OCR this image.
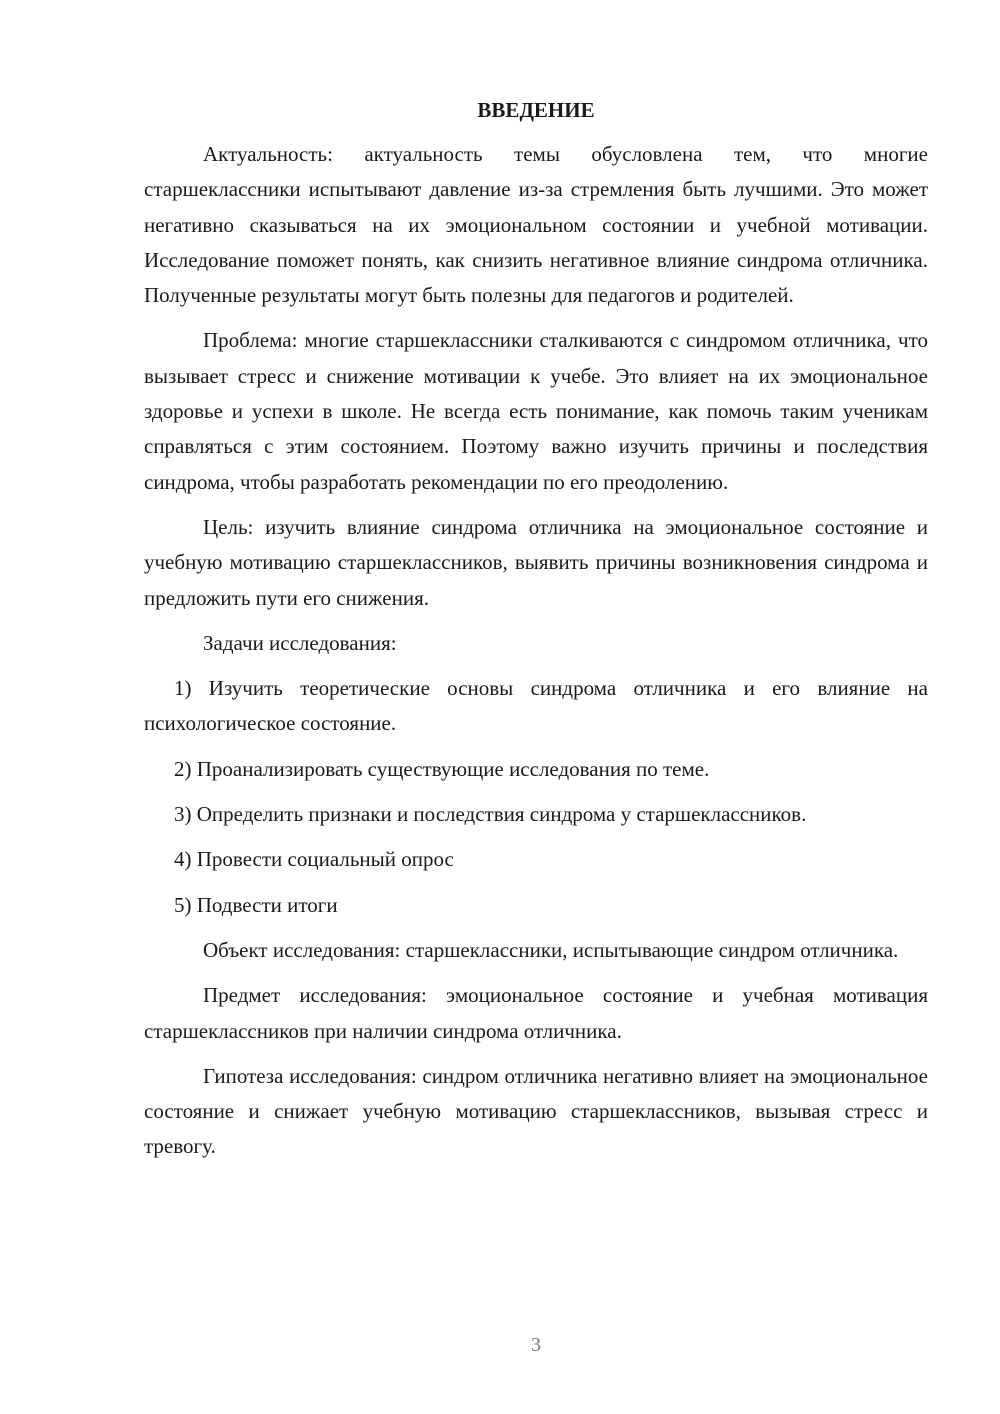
ВВЕДЕНИЕ

Актуальность: актуальность темы обусловлена тем, что многие старшеклассники испытывают давление из-за стремления быть лучшими. Это может негативно сказываться на их эмоциональном состоянии и учебной мотивации. Исследование поможет понять, как снизить негативное влияние синдрома отличника. Полученные результаты могут быть полезны для педагогов и родителей.

Проблема: многие старшеклассники сталкиваются с синдромом отличника, что вызывает стресс и снижение мотивации к учебе. Это влияет на их эмоциональное здоровье и успехи в школе. Не всегда есть понимание, как помочь таким ученикам справляться с этим состоянием. Поэтому важно изучить причины и последствия синдрома, чтобы разработать рекомендации по его преодолению.

Цель: изучить влияние синдрома отличника на эмоциональное состояние и учебную мотивацию старшеклассников, выявить причины возникновения синдрома и предложить пути его снижения.

Задачи исследования:

1) Изучить теоретические основы синдрома отличника и его влияние на психологическое состояние.

2) Проанализировать существующие исследования по теме.

3) Определить признаки и последствия синдрома у старшеклассников.

4) Провести социальный опрос

5) Подвести итоги

Объект исследования: старшеклассники, испытывающие синдром отличника.

Предмет исследования: эмоциональное состояние и учебная мотивация старшеклассников при наличии синдрома отличника.

Гипотеза исследования: синдром отличника негативно влияет на эмоциональное состояние и снижает учебную мотивацию старшеклассников, вызывая стресс и тревогу.

3
